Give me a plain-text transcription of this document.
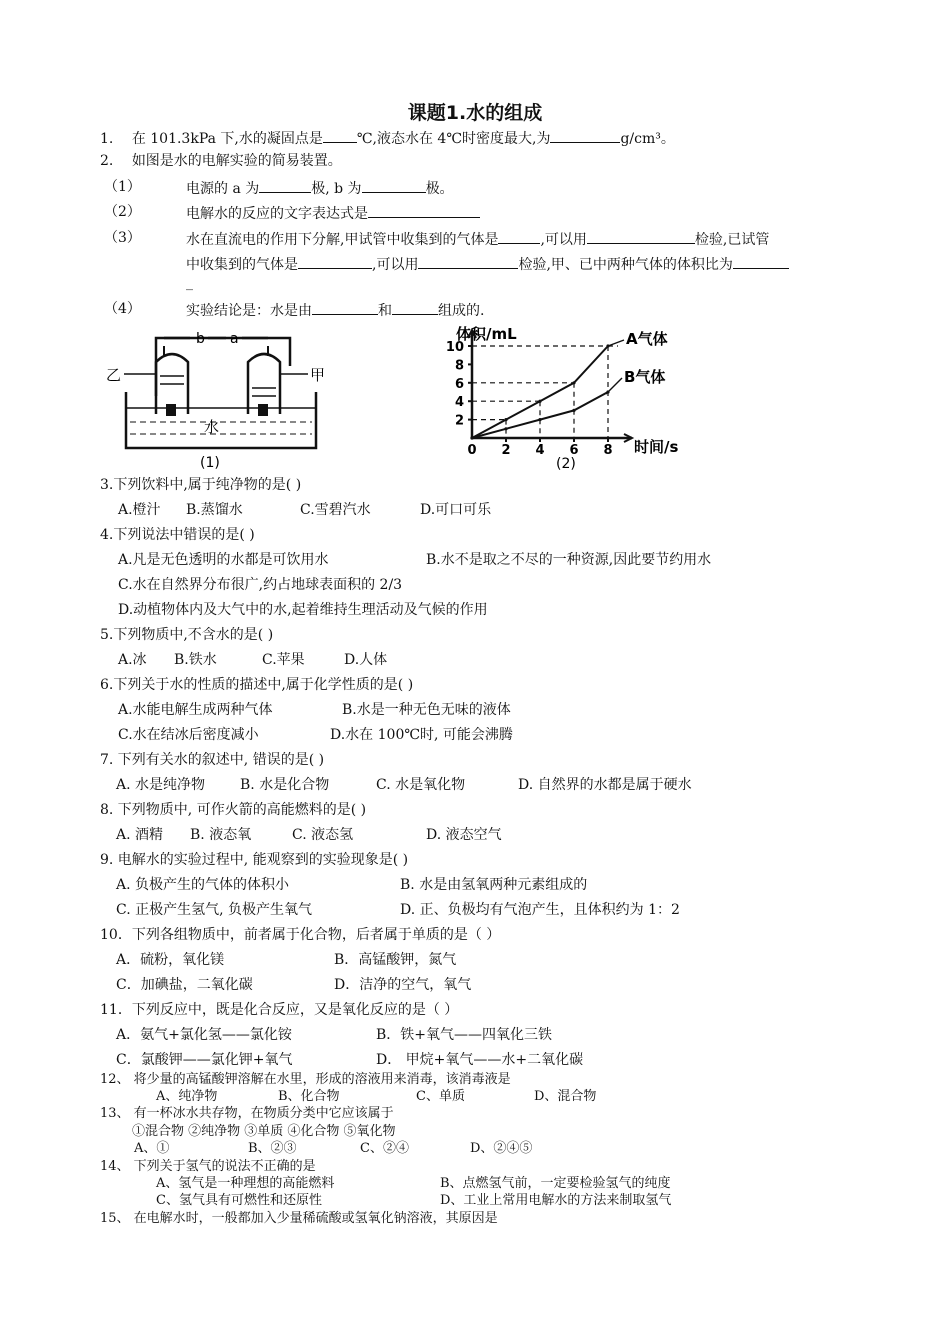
课题1.水的组成
1. 在 101.3kPa 下,水的凝固点是 ℃,液态水在 4℃时密度最大,为	g/cm³。
2. 如图是水的电解实验的简易装置。
（1）	电源的 a 为	极, b 为	极。
（2）	电解水的反应的文字表达式是
（3）	水在直流电的作用下分解,甲试管中收集到的气体是	,可以用	检验,已试管
中收集到的气体是	,可以用	检验,甲、已中两种气体的体积比为
_
（4）	实验结论是：水是由	和	组成的.
b a
乙	甲
水
(1)
体积/mL
时间/s
(2)
A气体
B气体
2
4
6
8
10
0 2 4 6 8
3.下列饮料中,属于纯净物的是( )
A.橙汁 B.蒸馏水	C.雪碧汽水	D.可口可乐
4.下列说法中错误的是( )
A.凡是无色透明的水都是可饮用水	B.水不是取之不尽的一种资源,因此要节约用水
C.水在自然界分布很广,约占地球表面积的 2/3
D.动植物体内及大气中的水,起着维持生理活动及气候的作用
5.下列物质中,不含水的是( )
A.冰 B.铁水	C.苹果	D.人体
6.下列关于水的性质的描述中,属于化学性质的是( )
A.水能电解生成两种气体	B.水是一种无色无味的液体
C.水在结冰后密度减小	D.水在 100℃时, 可能会沸腾
7. 下列有关水的叙述中, 错误的是( )
A. 水是纯净物 B. 水是化合物	C. 水是氧化物	D. 自然界的水都是属于硬水
8. 下列物质中, 可作火箭的高能燃料的是( )
A. 酒精 B. 液态氧	C. 液态氢	D. 液态空气
9. 电解水的实验过程中, 能观察到的实验现象是( )
A. 负极产生的气体的体积小	B. 水是由氢氧两种元素组成的
C. 正极产生氢气, 负极产生氧气	D. 正、负极均有气泡产生，且体积约为 1：2
10．下列各组物质中，前者属于化合物，后者属于单质的是（ ）
A．硫粉，氧化镁	B．高锰酸钾，氮气
C．加碘盐，二氧化碳	D．洁净的空气，氧气
11．下列反应中，既是化合反应，又是氧化反应的是（ ）
A．氨气+氯化氢——氯化铵	B．铁+氧气——四氧化三铁
C．氯酸钾——氯化钾+氧气	D． 甲烷+氧气——水+二氧化碳
12、 将少量的高锰酸钾溶解在水里，形成的溶液用来消毒，该消毒液是
A、纯净物	B、化合物	C、单质	D、混合物
13、 有一杯冰水共存物，在物质分类中它应该属于
①混合物 ②纯净物 ③单质 ④化合物 ⑤氧化物
A、①	B、②③	C、②④	D、②④⑤
14、 下列关于氢气的说法不正确的是
A、氢气是一种理想的高能燃料	B、点燃氢气前，一定要检验氢气的纯度
C、氢气具有可燃性和还原性	D、工业上常用电解水的方法来制取氢气
15、 在电解水时，一般都加入少量稀硫酸或氢氧化钠溶液，其原因是
